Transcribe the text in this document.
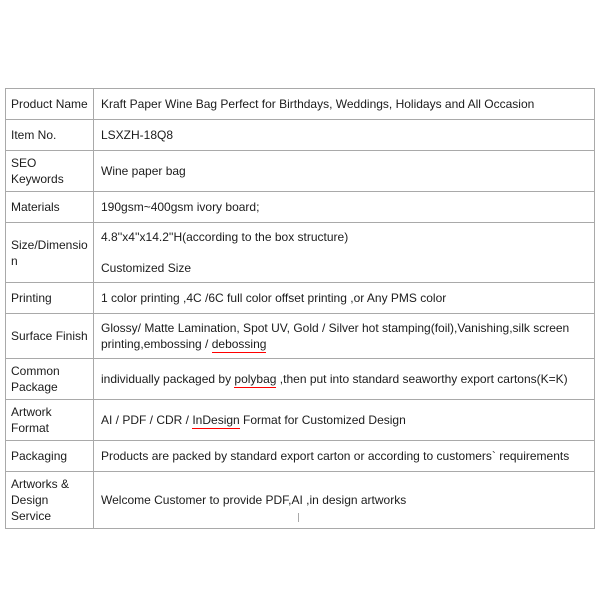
Product Name	Kraft Paper Wine Bag Perfect for Birthdays, Weddings, Holidays and All Occasion

Item No.	LSXZH-18Q8

SEO Keywords	Wine paper bag

Materials	190gsm~400gsm ivory board;

Size/Dimension	4.8''x4''x14.2''H(according to the box structure)
Customized Size

Printing	1 color printing ,4C /6C full color offset printing ,or Any PMS color

Surface Finish	Glossy/ Matte Lamination, Spot UV, Gold / Silver hot stamping(foil),Vanishing,silk screen printing,embossing / debossing

Common Package	individually packaged by polybag ,then put into standard seaworthy export cartons(K=K)

Artwork Format	AI / PDF / CDR / InDesign Format for Customized Design

Packaging	Products are packed by standard export carton or according to customers` requirements

Artworks & Design Service	Welcome Customer to provide PDF,AI ,in design artworks
